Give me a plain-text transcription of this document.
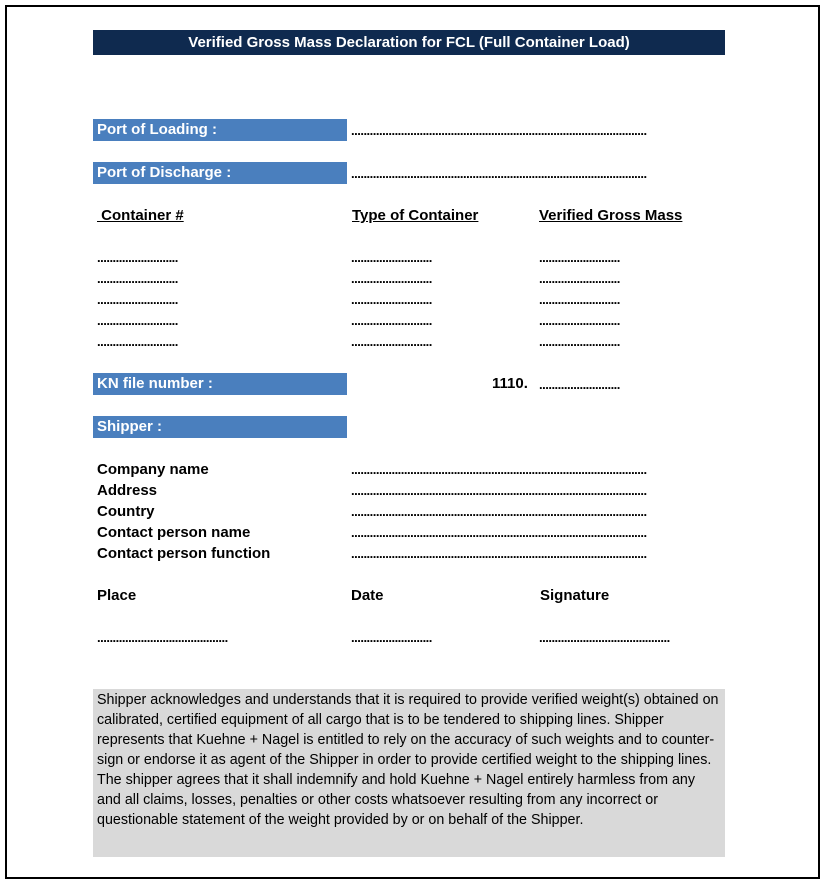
Verified Gross Mass Declaration for FCL (Full Container Load)
Port of Loading :	...............................................................................................
Port of Discharge :	...............................................................................................
Container #	Type of Container	Verified Gross Mass
..........................	..........................	..........................
..........................	..........................	..........................
..........................	..........................	..........................
..........................	..........................	..........................
..........................	..........................	..........................
KN file number :	1110. ..........................
Shipper :
Company name	...............................................................................................
Address	...............................................................................................
Country	...............................................................................................
Contact person name	...............................................................................................
Contact person function	...............................................................................................
Place	Date	Signature
..........................................	..........................	..........................................
Shipper acknowledges and understands that it is required to provide verified weight(s) obtained on calibrated, certified equipment of all cargo that is to be tendered to shipping lines. Shipper represents that Kuehne + Nagel is entitled to rely on the accuracy of such weights and to counter-sign or endorse it as agent of the Shipper in order to provide certified weight to the shipping lines. The shipper agrees that it shall indemnify and hold Kuehne + Nagel entirely harmless from any and all claims, losses, penalties or other costs whatsoever resulting from any incorrect or questionable statement of the weight provided by or on behalf of the Shipper.
